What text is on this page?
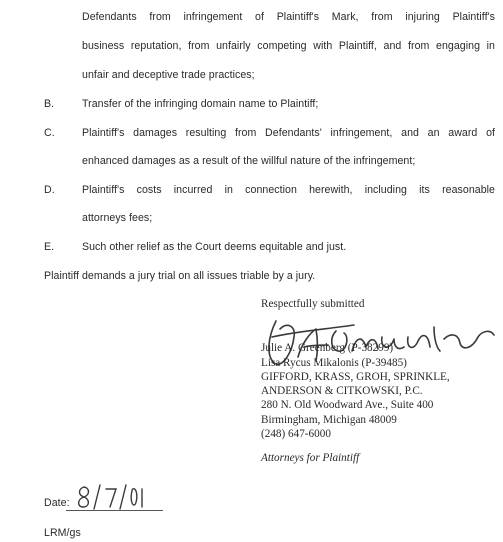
Defendants from infringement of Plaintiff's Mark, from injuring Plaintiff's
business reputation, from unfairly competing with Plaintiff, and from engaging in
unfair and deceptive trade practices;
B.	Transfer of the infringing domain name to Plaintiff;
C.	Plaintiff's damages resulting from Defendants' infringement, and an award of
enhanced damages as a result of the willful nature of the infringement;
D.	Plaintiff's costs incurred in connection herewith, including its reasonable
attorneys fees;
E.	Such other relief as the Court deems equitable and just.
Plaintiff demands a jury trial on all issues triable by a jury.
Respectfully submitted
Julie A. Greenberg (P-38299)
Lisa Rycus Mikalonis (P-39485)
GIFFORD, KRASS, GROH, SPRINKLE,
ANDERSON & CITKOWSKI, P.C.
280 N. Old Woodward Ave., Suite 400
Birmingham, Michigan 48009
(248) 647-6000
Attorneys for Plaintiff
Date:
LRM/gs
